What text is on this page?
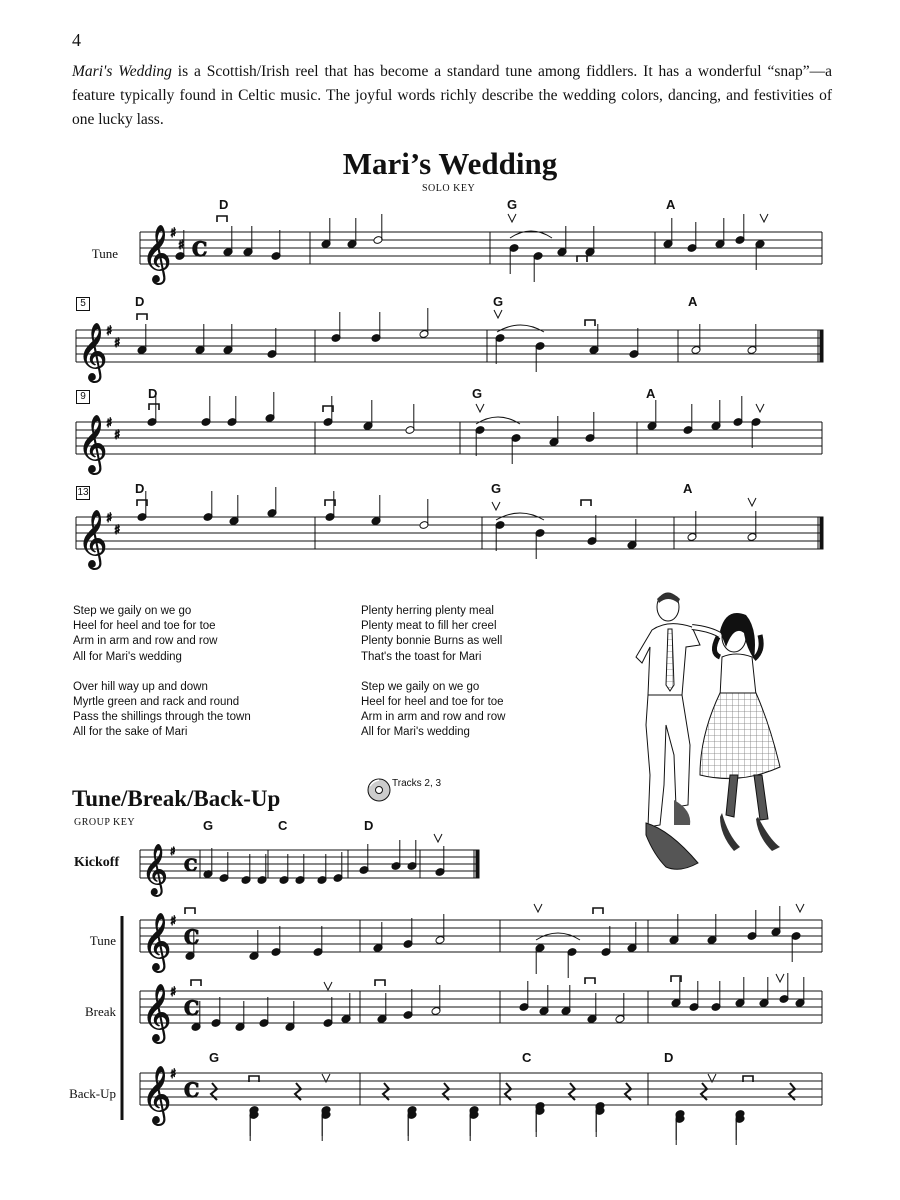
4
Mari's Wedding is a Scottish/Irish reel that has become a standard tune among fiddlers. It has a wonderful “snap”—a feature typically found in Celtic music. The joyful words richly describe the wedding colors, dancing, and festivities of one lucky lass.
Mari’s Wedding
SOLO KEY
Tune
5
9
13
D	G	A
D	G	A
D	G	A
D	G	A
𝄞
♯
♯ C
𝄞
♯
♯
𝄞
♯
♯
𝄞
♯
♯
𝄞 ♯
C
𝄞
♯
C
𝄞
♯
C
𝄞
♯
C
Step we gaily on we go
Heel for heel and toe for toe
Arm in arm and row and row
All for Mari's wedding
Over hill way up and down
Myrtle green and rack and round
Pass the shillings through the town
All for the sake of Mari
Plenty herring plenty meal
Plenty meat to fill her creel
Plenty bonnie Burns as well
That's the toast for Mari
Step we gaily on we go
Heel for heel and toe for toe
Arm in arm and row and row
All for Mari's wedding
Tune/Break/Back-Up
GROUP KEY
Tracks 2, 3
Kickoff
G	C	D
Tune
Break
Back-Up
G	C	D
